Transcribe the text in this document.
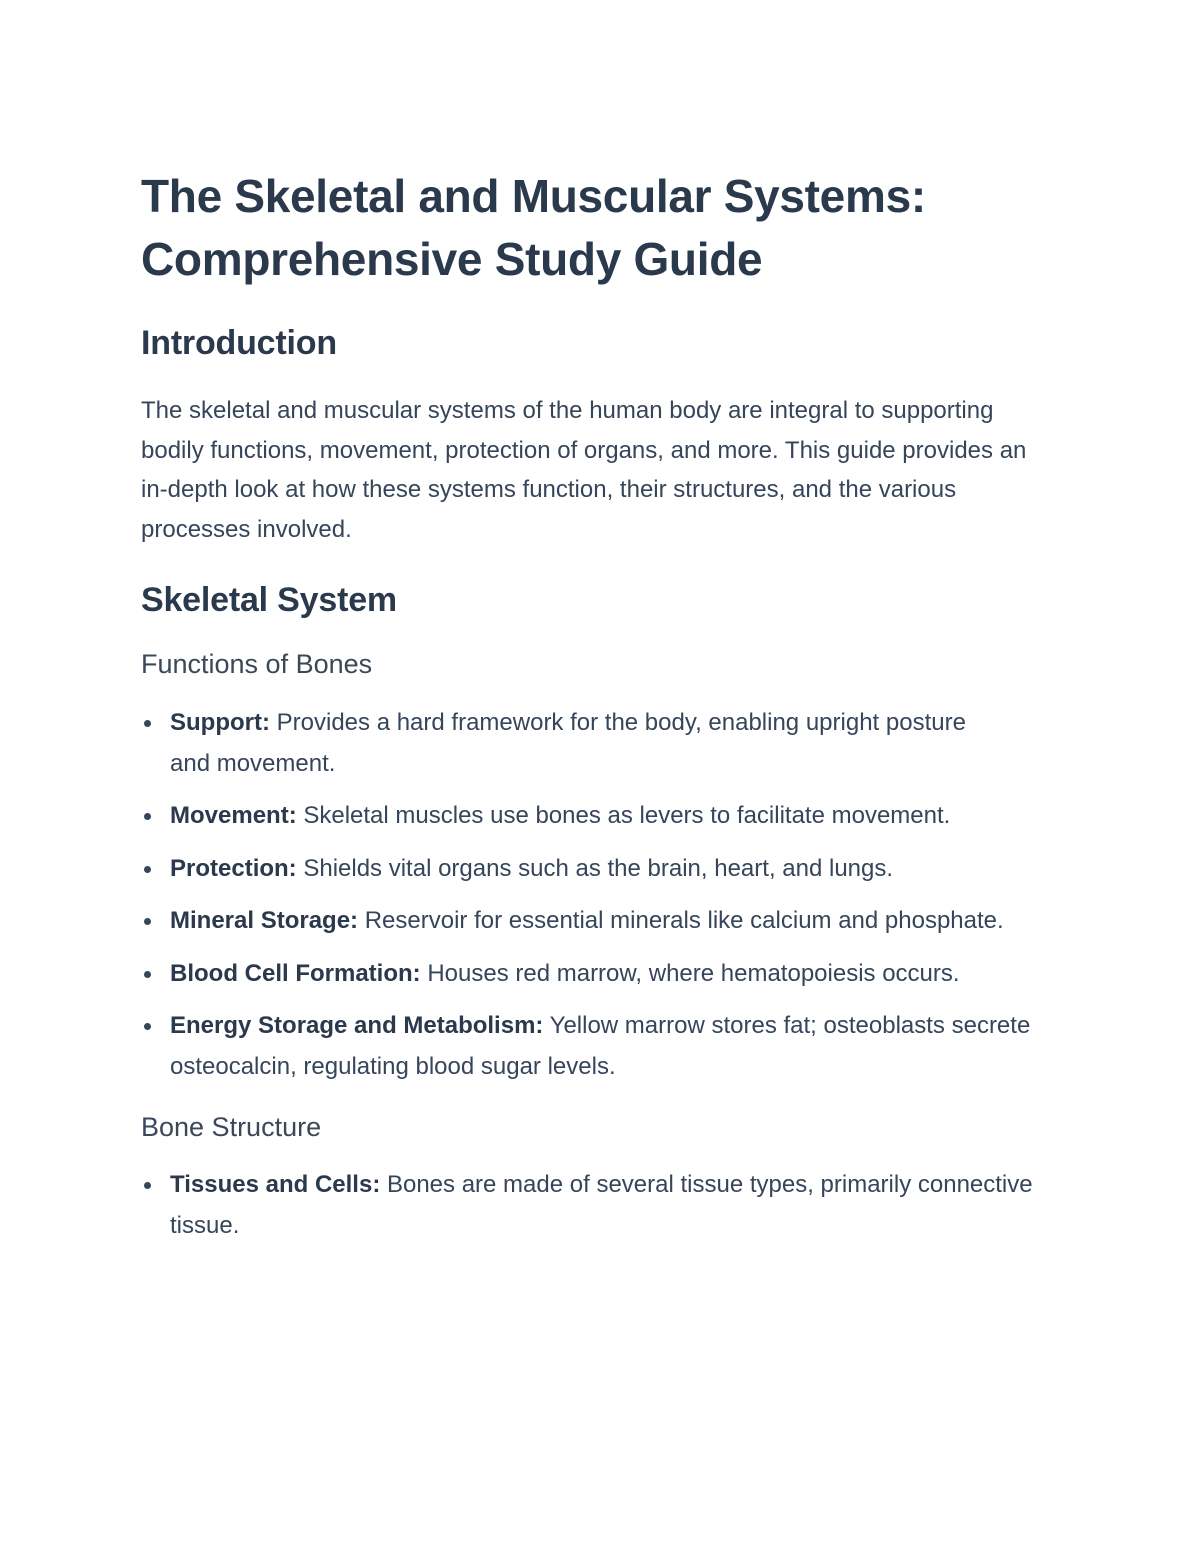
The Skeletal and Muscular Systems:
Comprehensive Study Guide
Introduction

The skeletal and muscular systems of the human body are integral to supporting bodily functions, movement, protection of organs, and more. This guide provides an in-depth look at how these systems function, their structures, and the various processes involved.

Skeletal System
Functions of Bones
Support: Provides a hard framework for the body, enabling upright posture and movement.
Movement: Skeletal muscles use bones as levers to facilitate movement.
Protection: Shields vital organs such as the brain, heart, and lungs.
Mineral Storage: Reservoir for essential minerals like calcium and phosphate.
Blood Cell Formation: Houses red marrow, where hematopoiesis occurs.
Energy Storage and Metabolism: Yellow marrow stores fat; osteoblasts secrete osteocalcin, regulating blood sugar levels.
Bone Structure
Tissues and Cells: Bones are made of several tissue types, primarily connective tissue.
